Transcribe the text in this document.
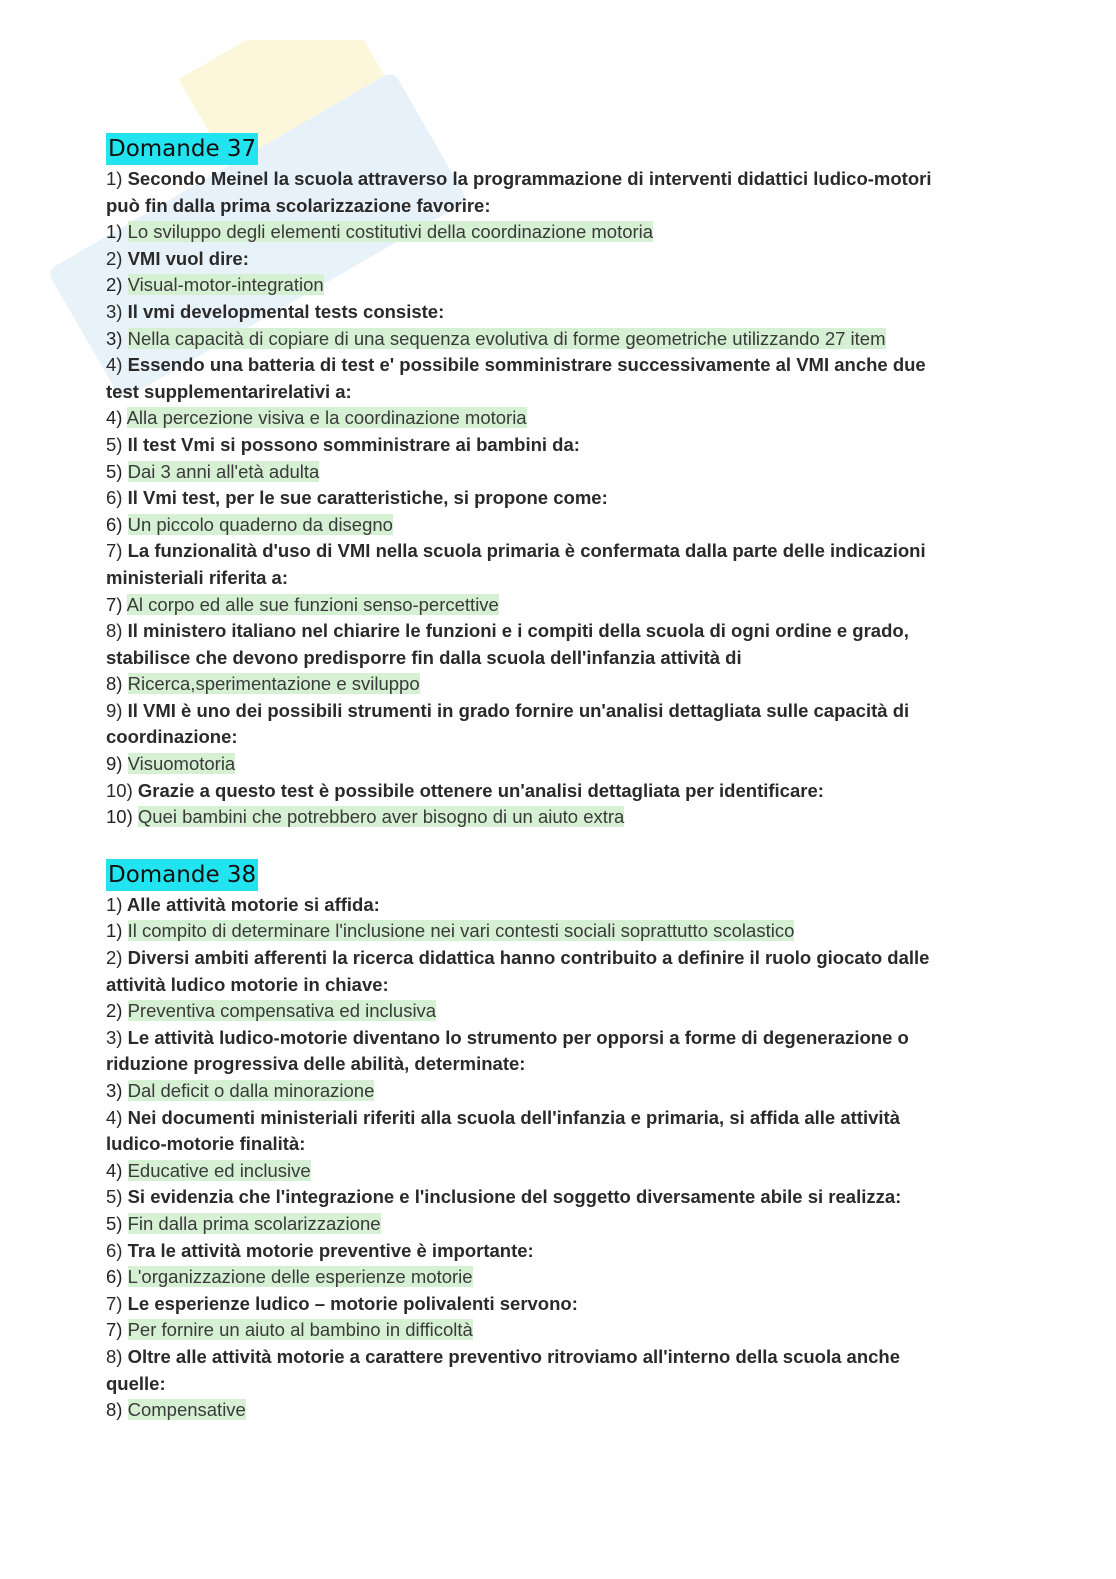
Domande 37

1) Secondo Meinel la scuola attraverso la programmazione di interventi didattici ludico-motori

può fin dalla prima scolarizzazione favorire:

1) Lo sviluppo degli elementi costitutivi della coordinazione motoria

2) VMI vuol dire:

2) Visual-motor-integration

3) Il vmi developmental tests consiste:

3) Nella capacità di copiare di una sequenza evolutiva di forme geometriche utilizzando 27 item

4) Essendo una batteria di test e' possibile somministrare successivamente al VMI anche due

test supplementarirelativi a:

4) Alla percezione visiva e la coordinazione motoria

5) Il test Vmi si possono somministrare ai bambini da:

5) Dai 3 anni all'età adulta

6) Il Vmi test, per le sue caratteristiche, si propone come:

6) Un piccolo quaderno da disegno

7) La funzionalità d'uso di VMI nella scuola primaria è confermata dalla parte delle indicazioni

ministeriali riferita a:

7) Al corpo ed alle sue funzioni senso-percettive

8) Il ministero italiano nel chiarire le funzioni e i compiti della scuola di ogni ordine e grado,

stabilisce che devono predisporre fin dalla scuola dell'infanzia attività di

8) Ricerca,sperimentazione e sviluppo

9) Il VMI è uno dei possibili strumenti in grado fornire un'analisi dettagliata sulle capacità di

coordinazione:

9) Visuomotoria

10) Grazie a questo test è possibile ottenere un'analisi dettagliata per identificare:

10) Quei bambini che potrebbero aver bisogno di un aiuto extra

Domande 38

1) Alle attività motorie si affida:

1) Il compito di determinare l'inclusione nei vari contesti sociali soprattutto scolastico

2) Diversi ambiti afferenti la ricerca didattica hanno contribuito a definire il ruolo giocato dalle

attività ludico motorie in chiave:

2) Preventiva compensativa ed inclusiva

3) Le attività ludico-motorie diventano lo strumento per opporsi a forme di degenerazione o

riduzione progressiva delle abilità, determinate:

3) Dal deficit o dalla minorazione

4) Nei documenti ministeriali riferiti alla scuola dell'infanzia e primaria, si affida alle attività

ludico-motorie finalità:

4) Educative ed inclusive

5) Si evidenzia che l'integrazione e l'inclusione del soggetto diversamente abile si realizza:

5) Fin dalla prima scolarizzazione

6) Tra le attività motorie preventive è importante:

6) L'organizzazione delle esperienze motorie

7) Le esperienze ludico – motorie polivalenti servono:

7) Per fornire un aiuto al bambino in difficoltà

8) Oltre alle attività motorie a carattere preventivo ritroviamo all'interno della scuola anche

quelle:

8) Compensative
